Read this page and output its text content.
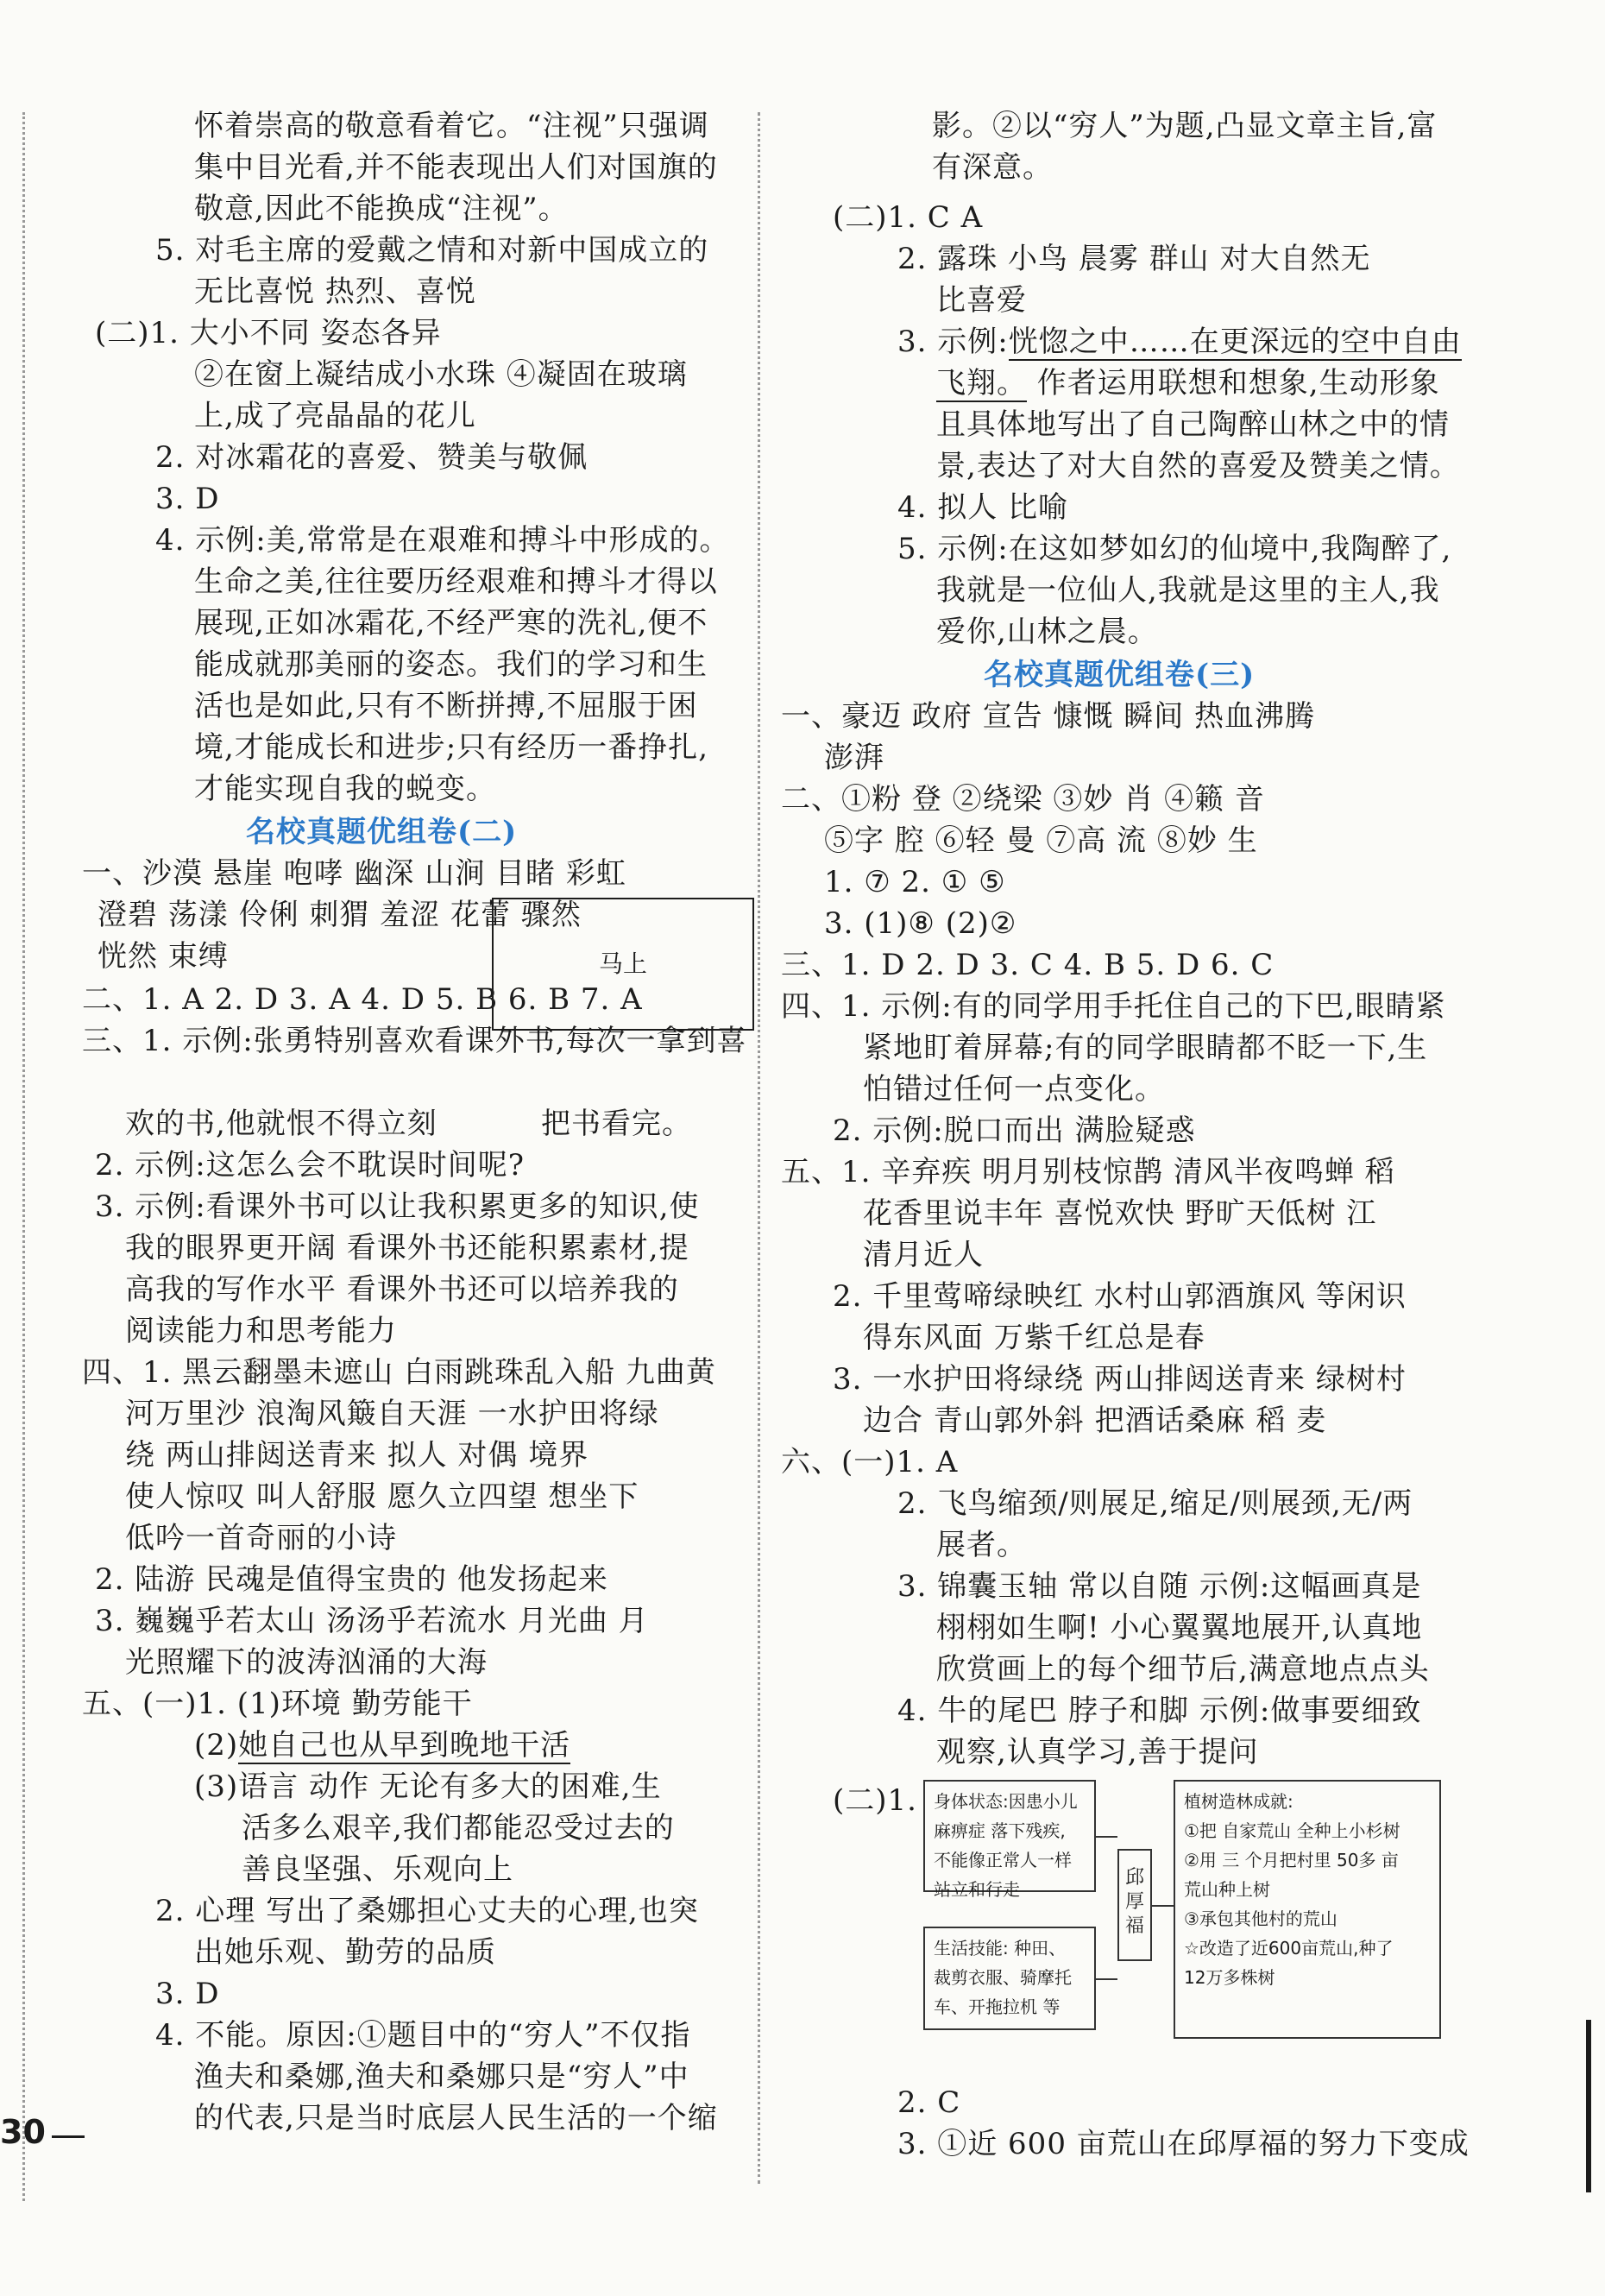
怀着崇高的敬意看着它。“注视”只强调
集中目光看,并不能表现出人们对国旗的
敬意,因此不能换成“注视”。
5. 对毛主席的爱戴之情和对新中国成立的
无比喜悦 热烈、喜悦
(二)1. 大小不同 姿态各异
②在窗上凝结成小水珠 ④凝固在玻璃
上,成了亮晶晶的花儿
2. 对冰霜花的喜爱、赞美与敬佩
3. D
4. 示例:美,常常是在艰难和搏斗中形成的。
生命之美,往往要历经艰难和搏斗才得以
展现,正如冰霜花,不经严寒的洗礼,便不
能成就那美丽的姿态。我们的学习和生
活也是如此,只有不断拼搏,不屈服于困
境,才能成长和进步;只有经历一番挣扎,
才能实现自我的蜕变。
名校真题优组卷(二)
一、沙漠 悬崖 咆哮 幽深 山涧 目睹 彩虹
澄碧 荡漾 伶俐 刺猬 羞涩 花蕾 骤然
恍然 束缚
二、1. A 2. D 3. A 4. D 5. B 6. B 7. A
三、1. 示例:张勇特别喜欢看课外书,每次一拿到喜
欢的书,他就恨不得立刻	把书看完。
2. 示例:这怎么会不耽误时间呢?
3. 示例:看课外书可以让我积累更多的知识,使
我的眼界更开阔 看课外书还能积累素材,提
高我的写作水平 看课外书还可以培养我的
阅读能力和思考能力
四、1. 黑云翻墨未遮山 白雨跳珠乱入船 九曲黄
河万里沙 浪淘风簸自天涯 一水护田将绿
绕 两山排闼送青来 拟人 对偶 境界
使人惊叹 叫人舒服 愿久立四望 想坐下
低吟一首奇丽的小诗
2. 陆游 民魂是值得宝贵的 他发扬起来
3. 巍巍乎若太山 汤汤乎若流水 月光曲 月
光照耀下的波涛汹涌的大海
五、(一)1. (1)环境 勤劳能干
(2)她自己也从早到晚地干活
(3)语言 动作 无论有多大的困难,生
活多么艰辛,我们都能忍受过去的
善良坚强、乐观向上
2. 心理 写出了桑娜担心丈夫的心理,也突
出她乐观、勤劳的品质
3. D
4. 不能。原因:①题目中的“穷人”不仅指
渔夫和桑娜,渔夫和桑娜只是“穷人”中
的代表,只是当时底层人民生活的一个缩
影。②以“穷人”为题,凸显文章主旨,富
有深意。
(二)1. C A
2. 露珠 小鸟 晨雾 群山 对大自然无
比喜爱
3. 示例:恍惚之中……在更深远的空中自由
飞翔。 作者运用联想和想象,生动形象
且具体地写出了自己陶醉山林之中的情
景,表达了对大自然的喜爱及赞美之情。
4. 拟人 比喻
5. 示例:在这如梦如幻的仙境中,我陶醉了,
我就是一位仙人,我就是这里的主人,我
爱你,山林之晨。
名校真题优组卷(三)
一、豪迈 政府 宣告 慷慨 瞬间 热血沸腾
澎湃
二、①粉 登 ②绕梁 ③妙 肖 ④籁 音
⑤字 腔 ⑥轻 曼 ⑦高 流 ⑧妙 生
1. ⑦ 2. ① ⑤
3. (1)⑧ (2)②
三、1. D 2. D 3. C 4. B 5. D 6. C
四、1. 示例:有的同学用手托住自己的下巴,眼睛紧
紧地盯着屏幕;有的同学眼睛都不眨一下,生
怕错过任何一点变化。
2. 示例:脱口而出 满脸疑惑
五、1. 辛弃疾 明月别枝惊鹊 清风半夜鸣蝉 稻
花香里说丰年 喜悦欢快 野旷天低树 江
清月近人
2. 千里莺啼绿映红 水村山郭酒旗风 等闲识
得东风面 万紫千红总是春
3. 一水护田将绿绕 两山排闼送青来 绿树村
边合 青山郭外斜 把酒话桑麻 稻 麦
六、(一)1. A
2. 飞鸟缩颈/则展足,缩足/则展颈,无/两
展者。
3. 锦囊玉轴 常以自随 示例:这幅画真是
栩栩如生啊! 小心翼翼地展开,认真地
欣赏画上的每个细节后,满意地点点头
4. 牛的尾巴 脖子和脚 示例:做事要细致
观察,认真学习,善于提问
(二)1.
2. C
3. ①近 600 亩荒山在邱厚福的努力下变成
马上
身体状态:因患小儿
麻痹症 落下残疾,
不能像正常人一样
站立和行走
生活技能: 种田、
裁剪衣服、骑摩托
车、开拖拉机 等
邱
厚
福
植树造林成就:
①把 自家荒山 全种上小杉树
②用 三 个月把村里 50多 亩
荒山种上树
③承包其他村的荒山
☆改造了近600亩荒山,种了
12万多株树
30
